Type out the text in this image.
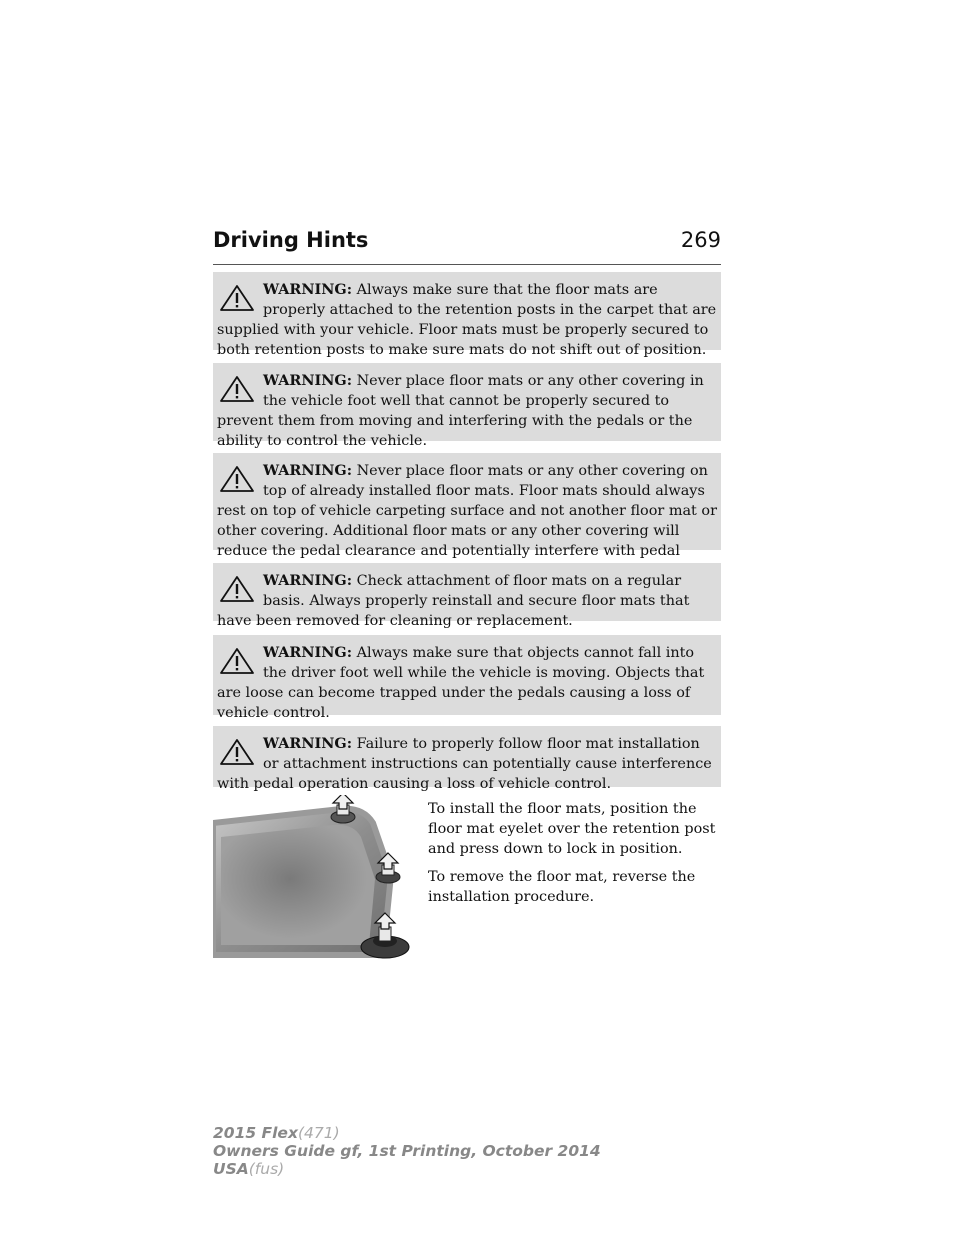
Driving Hints	269
WARNING: Always make sure that the floor mats are properly attached to the retention posts in the carpet that are supplied with your vehicle. Floor mats must be properly secured to both retention posts to make sure mats do not shift out of position.
WARNING: Never place floor mats or any other covering in the vehicle foot well that cannot be properly secured to prevent them from moving and interfering with the pedals or the ability to control the vehicle.
WARNING: Never place floor mats or any other covering on top of already installed floor mats. Floor mats should always rest on top of vehicle carpeting surface and not another floor mat or other covering. Additional floor mats or any other covering will reduce the pedal clearance and potentially interfere with pedal
WARNING: Check attachment of floor mats on a regular basis. Always properly reinstall and secure floor mats that have been removed for cleaning or replacement.
WARNING: Always make sure that objects cannot fall into the driver foot well while the vehicle is moving. Objects that are loose can become trapped under the pedals causing a loss of vehicle control.
WARNING: Failure to properly follow floor mat installation or attachment instructions can potentially cause interference with pedal operation causing a loss of vehicle control.

To install the floor mats, position the floor mat eyelet over the retention post and press down to lock in position.

To remove the floor mat, reverse the installation procedure.

2015 Flex(471)
Owners Guide gf, 1st Printing, October 2014
USA(fus)
